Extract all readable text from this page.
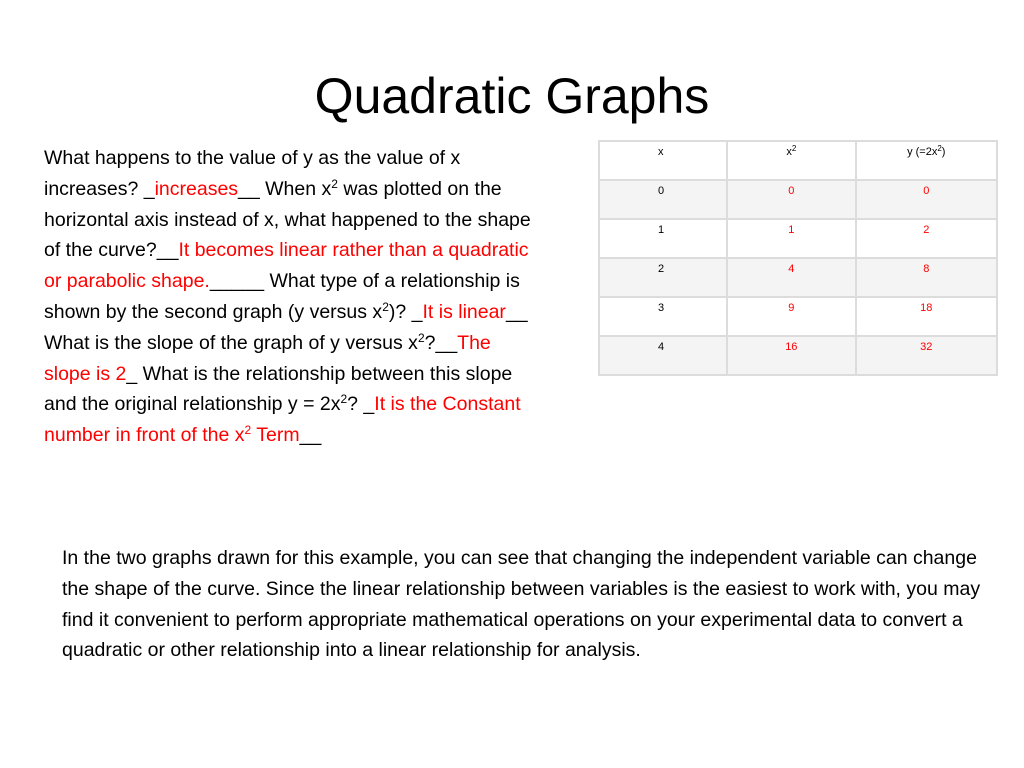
Quadratic Graphs
What happens to the value of y as the value of x increases? _increases__ When $x^2$ was plotted on the horizontal axis instead of x, what happened to the shape of the curve?__It becomes linear rather than a quadratic or parabolic shape._____ What type of a relationship is shown by the second graph (y versus $x^2$)? _It is linear__ What is the slope of the graph of y versus $x^2?\_\_The$ slope is 2_ What is the relationship between this slope and the original relationship $y = 2x^2$? _It is the Constant number in front of the $x^2$ Term__
x	$x^2$	y $(=2x^2)$
0	0	0
1	1	2
2	4	8
3	9	18
4	16	32

In the two graphs drawn for this example, you can see that changing the independent variable can change the shape of the curve. Since the linear relationship between variables is the easiest to work with, you may find it convenient to perform appropriate mathematical operations on your experimental data to convert a quadratic or other relationship into a linear relationship for analysis.
